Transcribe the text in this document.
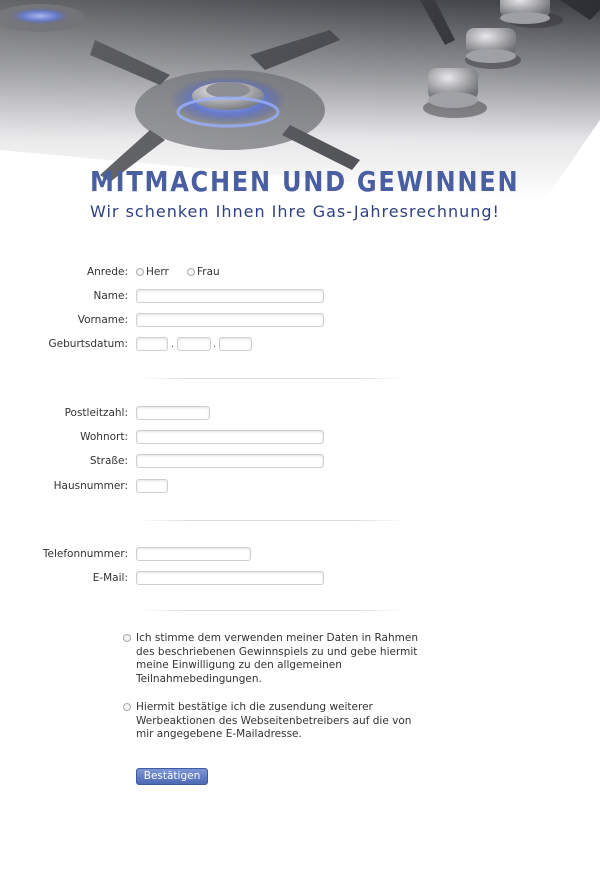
MITMACHEN UND GEWINNEN
Wir schenken Ihnen Ihre Gas-Jahresrechnung!
Anrede: Herr	Frau
Name:
Vorname:
Geburtsdatum:	.	.
Postleitzahl:
Wohnort:
Straße:
Hausnummer:
Telefonnummer:
E-Mail:
Ich stimme dem verwenden meiner Daten in Rahmen des beschriebenen Gewinnspiels zu und gebe hiermit meine Einwilligung zu den allgemeinen Teilnahmebedingungen.
Hiermit bestätige ich die zusendung weiterer Werbeaktionen des Webseitenbetreibers auf die von mir angegebene E-Mailadresse.
Bestätigen
